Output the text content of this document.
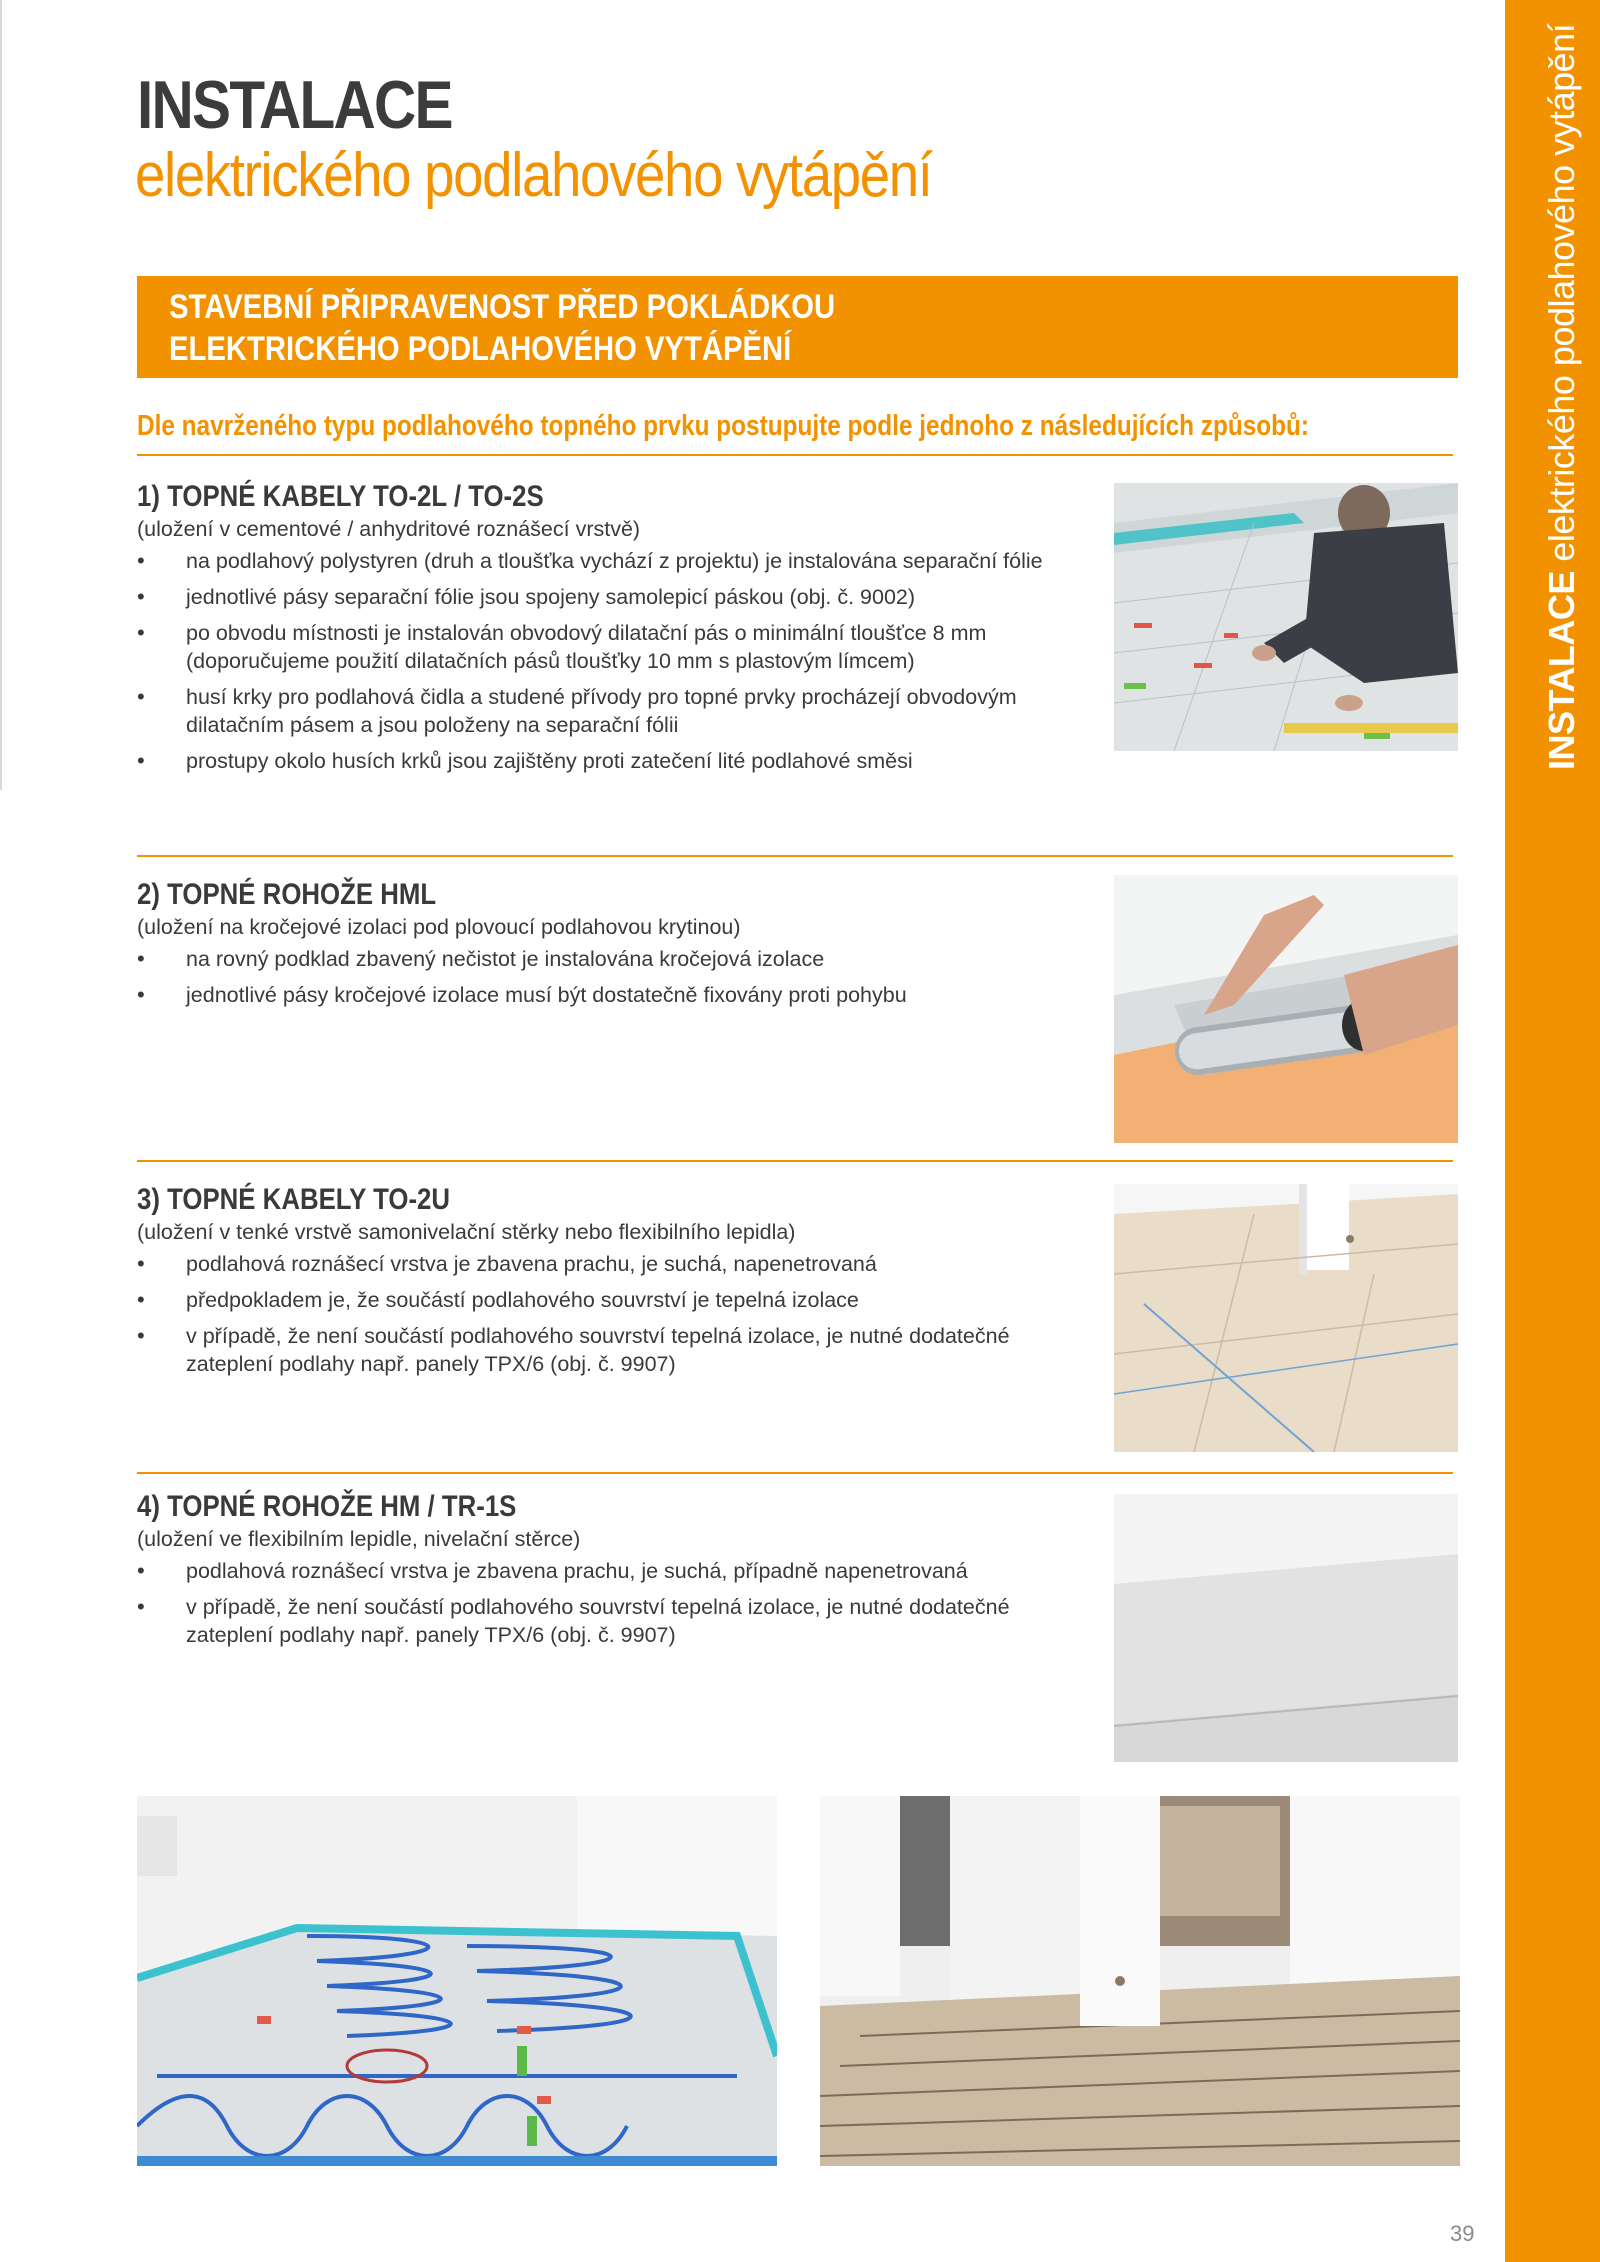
INSTALACE
elektrického podlahového vytápění
STAVEBNÍ PŘIPRAVENOST PŘED POKLÁDKOU
ELEKTRICKÉHO PODLAHOVÉHO VYTÁPĚNÍ
Dle navrženého typu podlahového topného prvku postupujte podle jednoho z následujících způsobů:
1) TOPNÉ KABELY TO-2L / TO-2S
(uložení v cementové / anhydritové roznášecí vrstvě)
• na podlahový polystyren (druh a tloušťka vychází z projektu) je instalována separační fólie
• jednotlivé pásy separační fólie jsou spojeny samolepicí páskou (obj. č. 9002)
• po obvodu místnosti je instalován obvodový dilatační pás o minimální tloušťce 8 mm (doporučujeme použití dilatačních pásů tloušťky 10 mm s plastovým límcem)
• husí krky pro podlahová čidla a studené přívody pro topné prvky procházejí obvodovým dilatačním pásem a jsou položeny na separační fólii
• prostupy okolo husích krků jsou zajištěny proti zatečení lité podlahové směsi
2) TOPNÉ ROHOŽE HML
(uložení na kročejové izolaci pod plovoucí podlahovou krytinou)
• na rovný podklad zbavený nečistot je instalována kročejová izolace
• jednotlivé pásy kročejové izolace musí být dostatečně fixovány proti pohybu
3) TOPNÉ KABELY TO-2U
(uložení v tenké vrstvě samonivelační stěrky nebo flexibilního lepidla)
• podlahová roznášecí vrstva je zbavena prachu, je suchá, napenetrovaná
• předpokladem je, že součástí podlahového souvrství je tepelná izolace
• v případě, že není součástí podlahového souvrství tepelná izolace, je nutné dodatečné zateplení podlahy např. panely TPX/6 (obj. č. 9907)
4) TOPNÉ ROHOŽE HM / TR-1S
(uložení ve flexibilním lepidle, nivelační stěrce)
• podlahová roznášecí vrstva je zbavena prachu, je suchá, případně napenetrovaná
• v případě, že není součástí podlahového souvrství tepelná izolace, je nutné dodatečné zateplení podlahy např. panely TPX/6 (obj. č. 9907)
INSTALACE elektrického podlahového vytápění
39
